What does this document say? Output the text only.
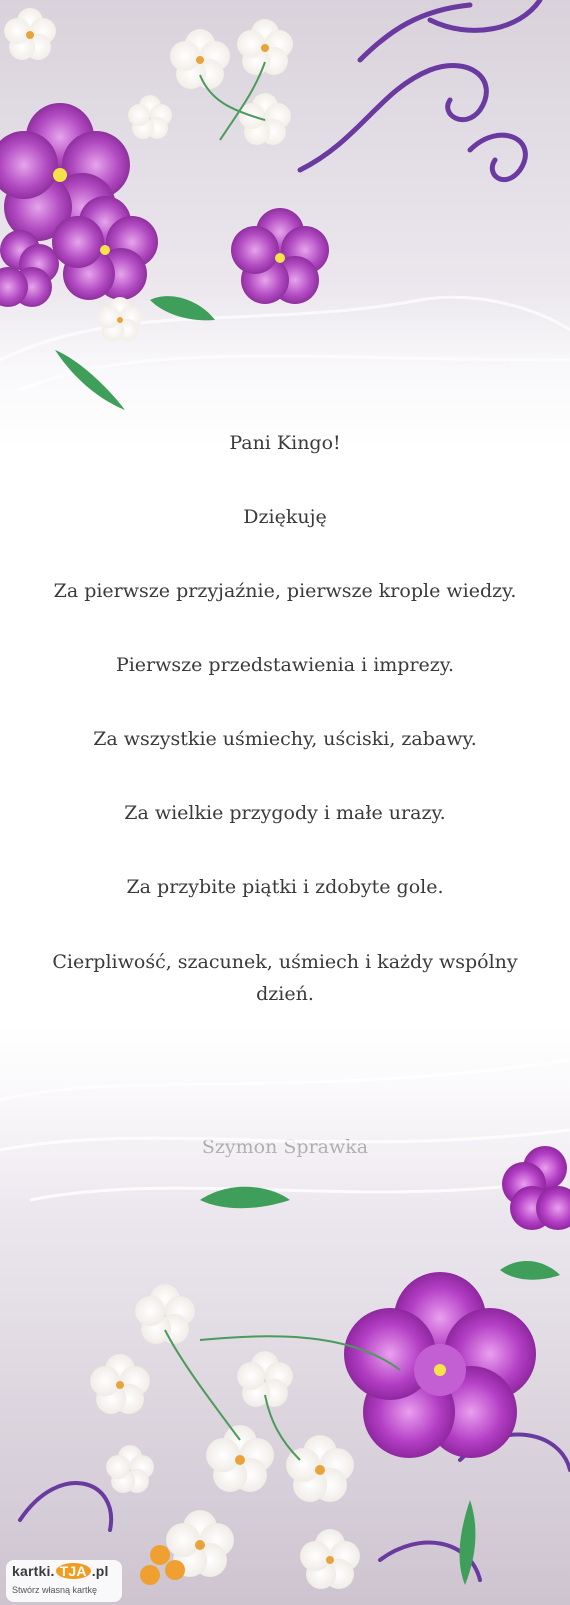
Pani Kingo!
Dziękuję
Za pierwsze przyjaźnie, pierwsze krople wiedzy.
Pierwsze przedstawienia i imprezy.
Za wszystkie uśmiechy, uściski, zabawy.
Za wielkie przygody i małe urazy.
Za przybite piątki i zdobyte gole.
Cierpliwość, szacunek, uśmiech i każdy wspólny dzień.
kartki. TJA .pl
Stwórz własną kartkę
